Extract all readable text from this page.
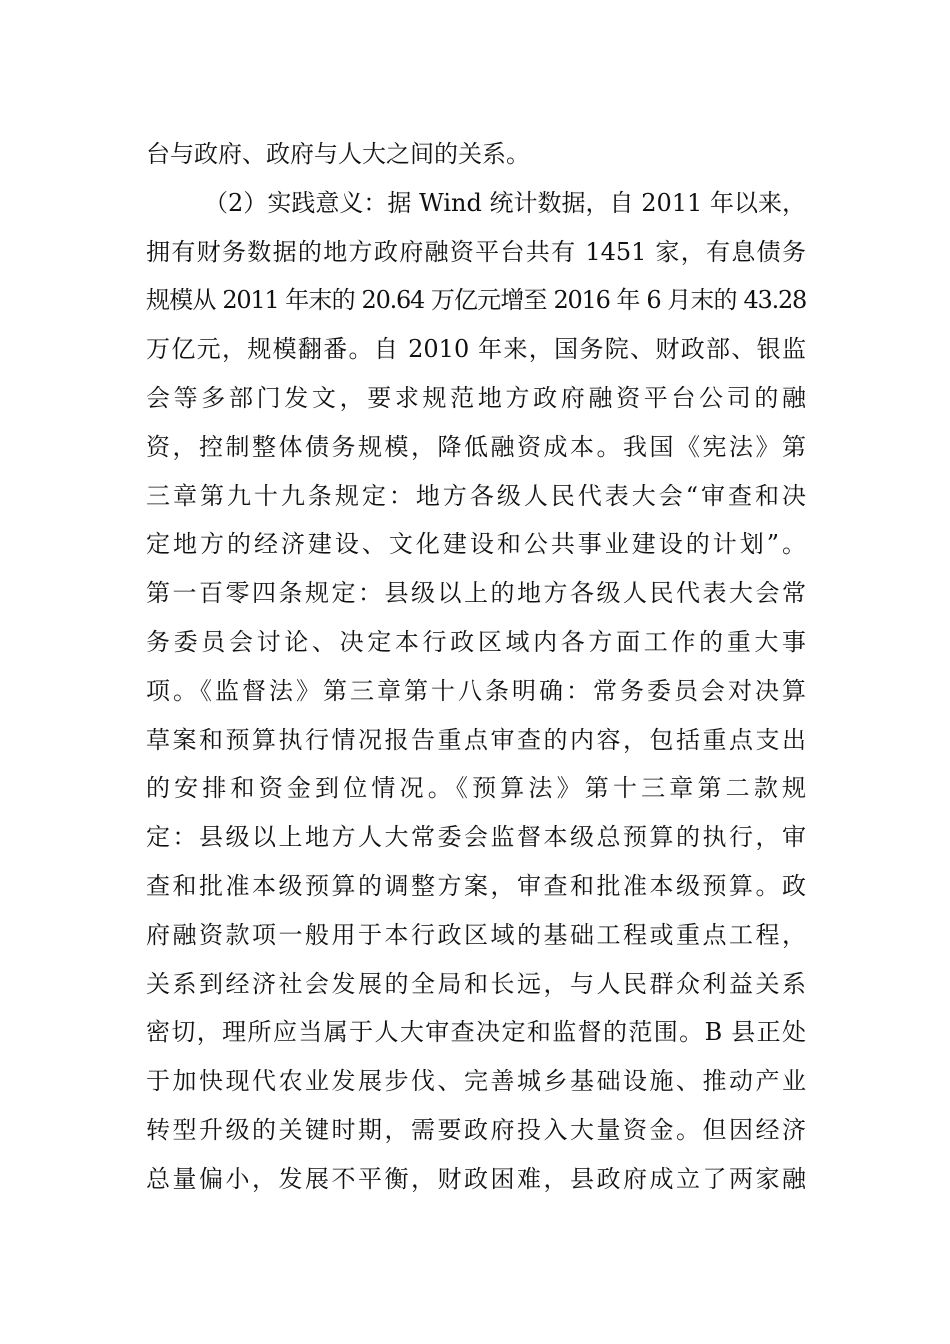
台与政府、政府与人大之间的关系。
（2）实践意义：据 Wind 统计数据，自 2011 年以来，
拥有财务数据的地方政府融资平台共有 1451 家，有息债务
规模从 2011 年末的 20.64 万亿元增至 2016 年 6 月末的 43.28
万亿元，规模翻番。自 2010 年来，国务院、财政部、银监
会等多部门发文，要求规范地方政府融资平台公司的融
资，控制整体债务规模，降低融资成本。我国《宪法》第
三章第九十九条规定：地方各级人民代表大会“审查和决
定地方的经济建设、文化建设和公共事业建设的计划”。
第一百零四条规定：县级以上的地方各级人民代表大会常
务委员会讨论、决定本行政区域内各方面工作的重大事
项。《监督法》第三章第十八条明确：常务委员会对决算
草案和预算执行情况报告重点审查的内容，包括重点支出
的安排和资金到位情况。《预算法》第十三章第二款规
定：县级以上地方人大常委会监督本级总预算的执行，审
查和批准本级预算的调整方案，审查和批准本级预算。政
府融资款项一般用于本行政区域的基础工程或重点工程，
关系到经济社会发展的全局和长远，与人民群众利益关系
密切，理所应当属于人大审查决定和监督的范围。B 县正处
于加快现代农业发展步伐、完善城乡基础设施、推动产业
转型升级的关键时期，需要政府投入大量资金。但因经济
总量偏小，发展不平衡，财政困难，县政府成立了两家融
